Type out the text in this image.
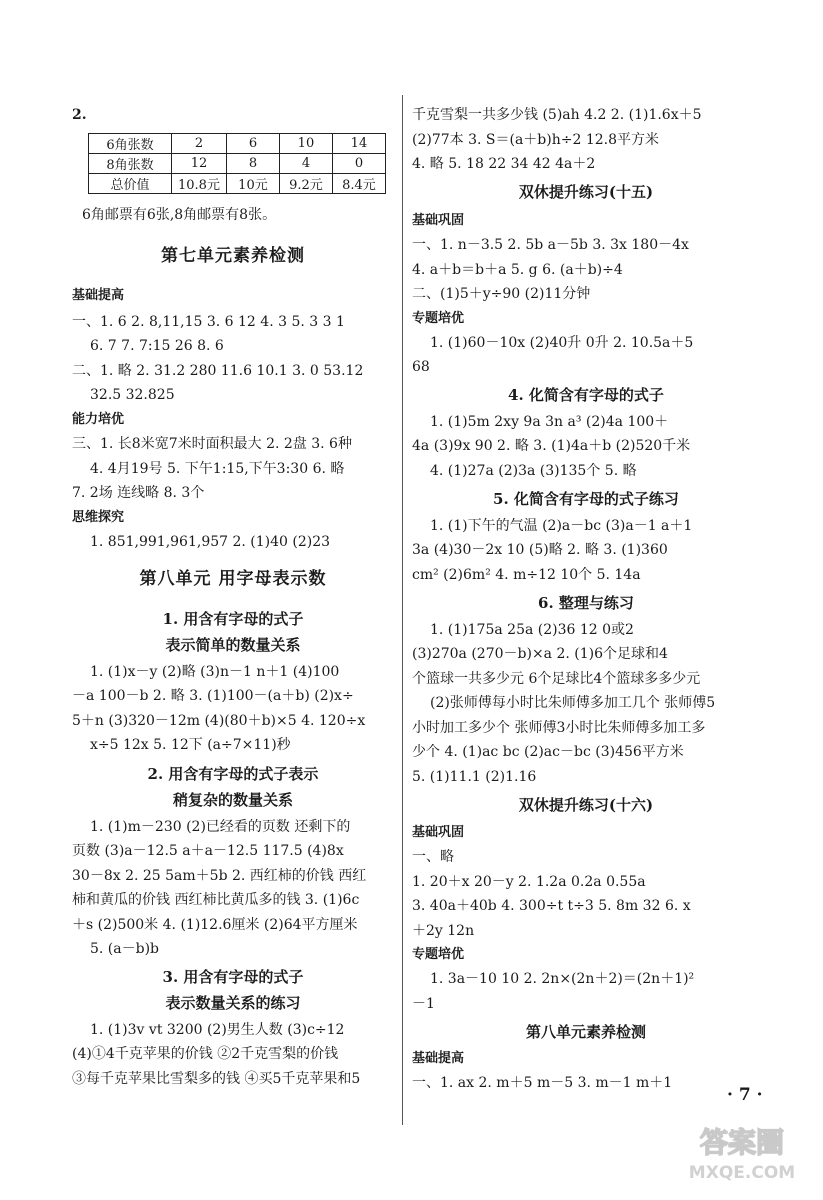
2.
6角张数	2	6	10	14
8角张数	12	8	4	0
总价值	10.8元	10元	9.2元	8.4元
6角邮票有6张,8角邮票有8张。
第七单元素养检测
基础提高
一、1. 6 2. 8,11,15 3. 6 12 4. 3 5. 3 3 1
6. 7 7. 7:15 26 8. 6
二、1. 略 2. 31.2 280 11.6 10.1 3. 0 53.12
32.5 32.825
能力培优
三、1. 长8米宽7米时面积最大 2. 2盘 3. 6种
4. 4月19号 5. 下午1:15,下午3:30 6. 略
7. 2场 连线略 8. 3个
思维探究
1. 851,991,961,957 2. (1)40 (2)23
第八单元 用字母表示数
1. 用含有字母的式子
表示简单的数量关系
1. (1)x－y (2)略 (3)n－1 n＋1 (4)100
－a 100－b 2. 略 3. (1)100－(a＋b) (2)x÷
5＋n (3)320－12m (4)(80＋b)×5 4. 120÷x
x÷5 12x 5. 12下 (a÷7×11)秒
2. 用含有字母的式子表示
稍复杂的数量关系
1. (1)m－230 (2)已经看的页数 还剩下的
页数 (3)a－12.5 a＋a－12.5 117.5 (4)8x
30－8x 2. 25 5am＋5b 2. 西红柿的价钱 西红
柿和黄瓜的价钱 西红柿比黄瓜多的钱 3. (1)6c
＋s (2)500米 4. (1)12.6厘米 (2)64平方厘米
5. (a－b)b
3. 用含有字母的式子
表示数量关系的练习
1. (1)3v vt 3200 (2)男生人数 (3)c÷12
(4)①4千克苹果的价钱 ②2千克雪梨的价钱
③每千克苹果比雪梨多的钱 ④买5千克苹果和5
千克雪梨一共多少钱 (5)ah 4.2 2. (1)1.6x＋5
(2)77本 3. S＝(a＋b)h÷2 12.8平方米
4. 略 5. 18 22 34 42 4a＋2
双休提升练习(十五)
基础巩固
一、1. n－3.5 2. 5b a－5b 3. 3x 180－4x
4. a＋b＝b＋a 5. g 6. (a＋b)÷4
二、(1)5＋y÷90 (2)11分钟
专题培优
1. (1)60－10x (2)40升 0升 2. 10.5a＋5
68
4. 化简含有字母的式子
1. (1)5m 2xy 9a 3n a³ (2)4a 100＋
4a (3)9x 90 2. 略 3. (1)4a＋b (2)520千米
4. (1)27a (2)3a (3)135个 5. 略
5. 化简含有字母的式子练习
1. (1)下午的气温 (2)a－bc (3)a－1 a＋1
3a (4)30－2x 10 (5)略 2. 略 3. (1)360
cm² (2)6m² 4. m÷12 10个 5. 14a
6. 整理与练习
1. (1)175a 25a (2)36 12 0或2
(3)270a (270－b)×a 2. (1)6个足球和4
个篮球一共多少元 6个足球比4个篮球多多少元
(2)张师傅每小时比朱师傅多加工几个 张师傅5
小时加工多少个 张师傅3小时比朱师傅多加工多
少个 4. (1)ac bc (2)ac－bc (3)456平方米
5. (1)11.1 (2)1.16
双休提升练习(十六)
基础巩固
一、略
1. 20＋x 20－y 2. 1.2a 0.2a 0.55a
3. 40a＋40b 4. 300÷t t÷3 5. 8m 32 6. x
＋2y 12n
专题培优
1. 3a－10 10 2. 2n×(2n＋2)＝(2n＋1)²
－1
第八单元素养检测
基础提高
一、1. ax 2. m＋5 m－5 3. m－1 m＋1
· 7 ·
答案圈
MXQE.COM
